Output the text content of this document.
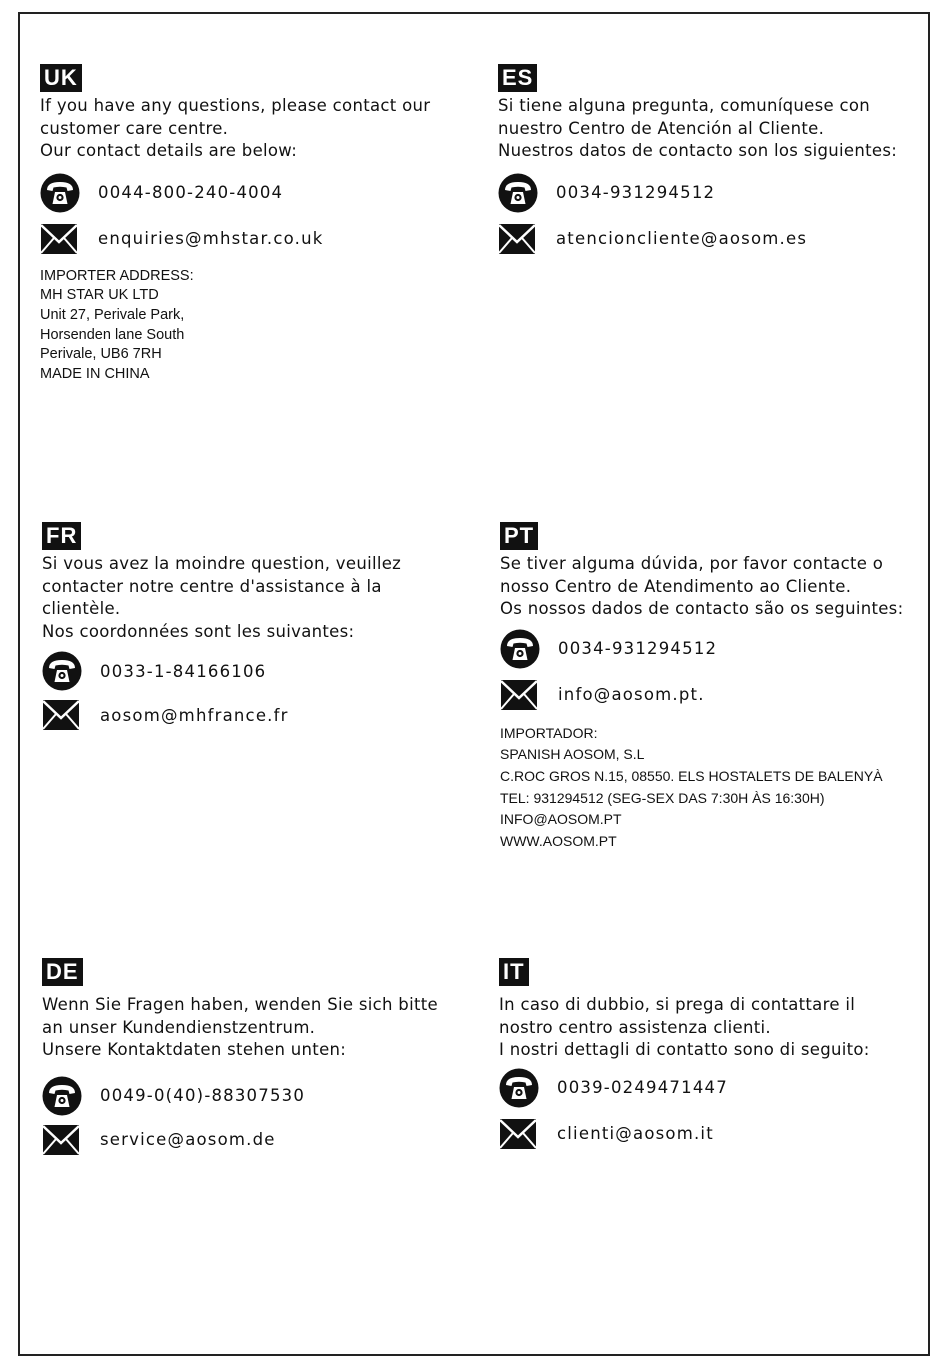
UK
If you have any questions, please contact our
customer care centre.
Our contact details are below:
0044-800-240-4004
enquiries@mhstar.co.uk
IMPORTER ADDRESS:
MH STAR UK LTD
Unit 27, Perivale Park,
Horsenden lane South
Perivale, UB6 7RH
MADE IN CHINA
ES
Si tiene alguna pregunta, comuníquese con
nuestro Centro de Atención al Cliente.
Nuestros datos de contacto son los siguientes:
0034-931294512
atencioncliente@aosom.es
FR
Si vous avez la moindre question, veuillez
contacter notre centre d'assistance à la
clientèle.
Nos coordonnées sont les suivantes:
0033-1-84166106
aosom@mhfrance.fr
PT
Se tiver alguma dúvida, por favor contacte o
nosso Centro de Atendimento ao Cliente.
Os nossos dados de contacto são os seguintes:
0034-931294512
info@aosom.pt.
IMPORTADOR:
SPANISH AOSOM, S.L
C.ROC GROS N.15, 08550. ELS HOSTALETS DE BALENYÀ
TEL: 931294512 (SEG-SEX DAS 7:30H ÀS 16:30H)
INFO@AOSOM.PT
WWW.AOSOM.PT
DE
Wenn Sie Fragen haben, wenden Sie sich bitte
an unser Kundendienstzentrum.
Unsere Kontaktdaten stehen unten:
0049-0(40)-88307530
service@aosom.de
IT
In caso di dubbio, si prega di contattare il
nostro centro assistenza clienti.
I nostri dettagli di contatto sono di seguito:
0039-0249471447
clienti@aosom.it
